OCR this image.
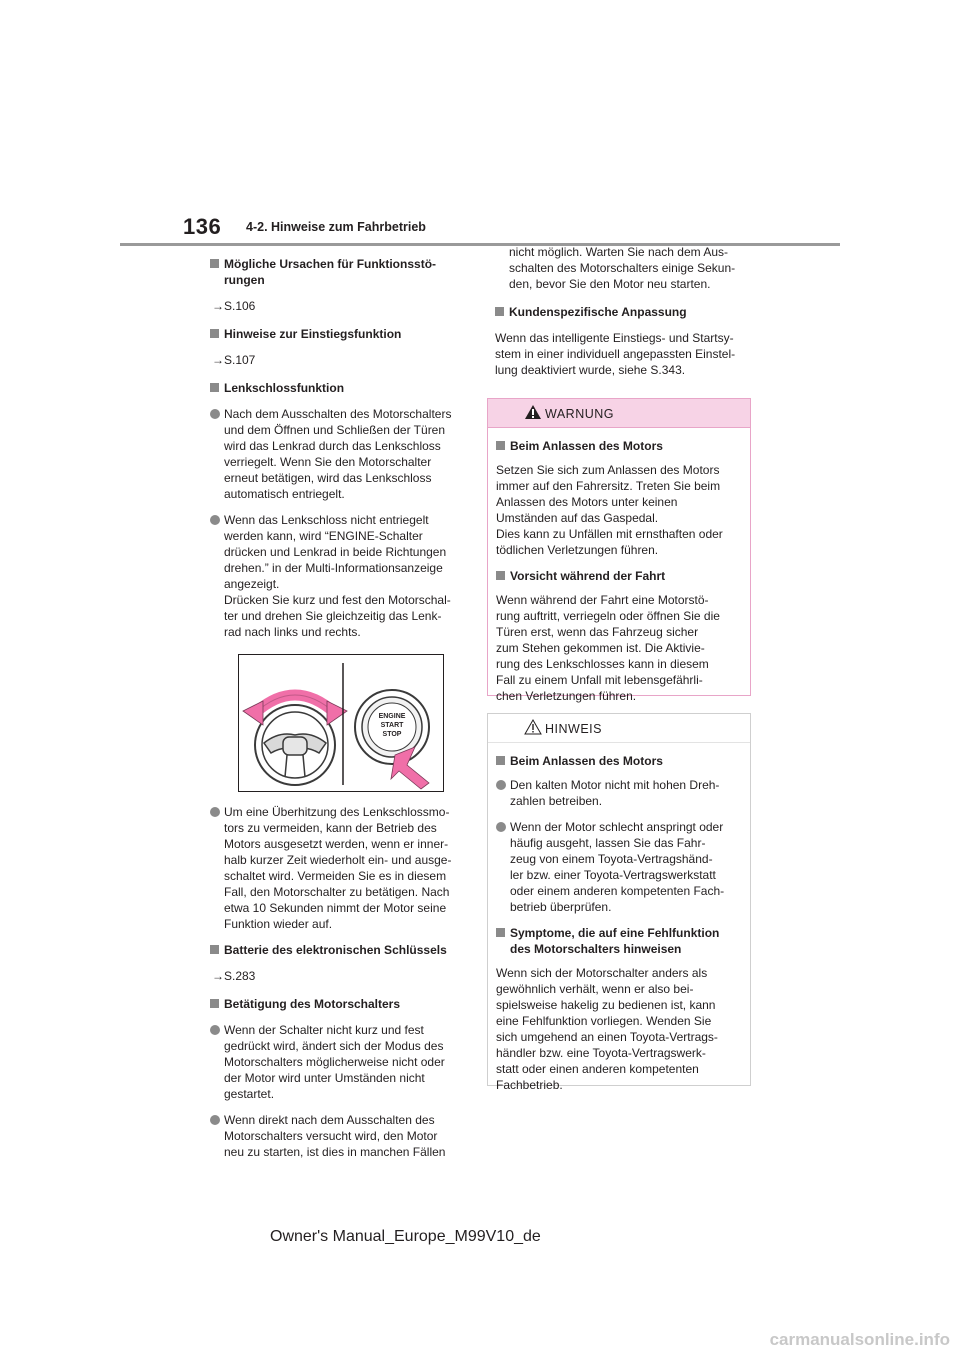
136 4-2. Hinweise zum Fahrbetrieb
Mögliche Ursachen für Funktionsstö-
rungen
→S.106
Hinweise zur Einstiegsfunktion
→S.107
Lenkschlossfunktion
Nach dem Ausschalten des Motorschalters
und dem Öffnen und Schließen der Türen
wird das Lenkrad durch das Lenkschloss
verriegelt. Wenn Sie den Motorschalter
erneut betätigen, wird das Lenkschloss
automatisch entriegelt.
Wenn das Lenkschloss nicht entriegelt
werden kann, wird “ENGINE-Schalter
drücken und Lenkrad in beide Richtungen
drehen.” in der Multi-Informationsanzeige
angezeigt.
Drücken Sie kurz und fest den Motorschal-
ter und drehen Sie gleichzeitig das Lenk-
rad nach links und rechts.
ENGINE
START
STOP
Um eine Überhitzung des Lenkschlossmo-
tors zu vermeiden, kann der Betrieb des
Motors ausgesetzt werden, wenn er inner-
halb kurzer Zeit wiederholt ein- und ausge-
schaltet wird. Vermeiden Sie es in diesem
Fall, den Motorschalter zu betätigen. Nach
etwa 10 Sekunden nimmt der Motor seine
Funktion wieder auf.
Batterie des elektronischen Schlüssels
→S.283
Betätigung des Motorschalters
Wenn der Schalter nicht kurz und fest
gedrückt wird, ändert sich der Modus des
Motorschalters möglicherweise nicht oder
der Motor wird unter Umständen nicht
gestartet.
Wenn direkt nach dem Ausschalten des
Motorschalters versucht wird, den Motor
neu zu starten, ist dies in manchen Fällen
nicht möglich. Warten Sie nach dem Aus-
schalten des Motorschalters einige Sekun-
den, bevor Sie den Motor neu starten.
Kundenspezifische Anpassung
Wenn das intelligente Einstiegs- und Startsy-
stem in einer individuell angepassten Einstel-
lung deaktiviert wurde, siehe S.343.
WARNUNG
Beim Anlassen des Motors
Setzen Sie sich zum Anlassen des Motors
immer auf den Fahrersitz. Treten Sie beim
Anlassen des Motors unter keinen
Umständen auf das Gaspedal.
Dies kann zu Unfällen mit ernsthaften oder
tödlichen Verletzungen führen.
Vorsicht während der Fahrt
Wenn während der Fahrt eine Motorstö-
rung auftritt, verriegeln oder öffnen Sie die
Türen erst, wenn das Fahrzeug sicher
zum Stehen gekommen ist. Die Aktivie-
rung des Lenkschlosses kann in diesem
Fall zu einem Unfall mit lebensgefährli-
chen Verletzungen führen.
HINWEIS
Beim Anlassen des Motors
Den kalten Motor nicht mit hohen Dreh-
zahlen betreiben.
Wenn der Motor schlecht anspringt oder
häufig ausgeht, lassen Sie das Fahr-
zeug von einem Toyota-Vertragshänd-
ler bzw. einer Toyota-Vertragswerkstatt
oder einem anderen kompetenten Fach-
betrieb überprüfen.
Symptome, die auf eine Fehlfunktion
des Motorschalters hinweisen
Wenn sich der Motorschalter anders als
gewöhnlich verhält, wenn er also bei-
spielsweise hakelig zu bedienen ist, kann
eine Fehlfunktion vorliegen. Wenden Sie
sich umgehend an einen Toyota-Vertrags-
händler bzw. eine Toyota-Vertragswerk-
statt oder einen anderen kompetenten
Fachbetrieb.
Owner's Manual_Europe_M99V10_de
carmanualsonline.info
